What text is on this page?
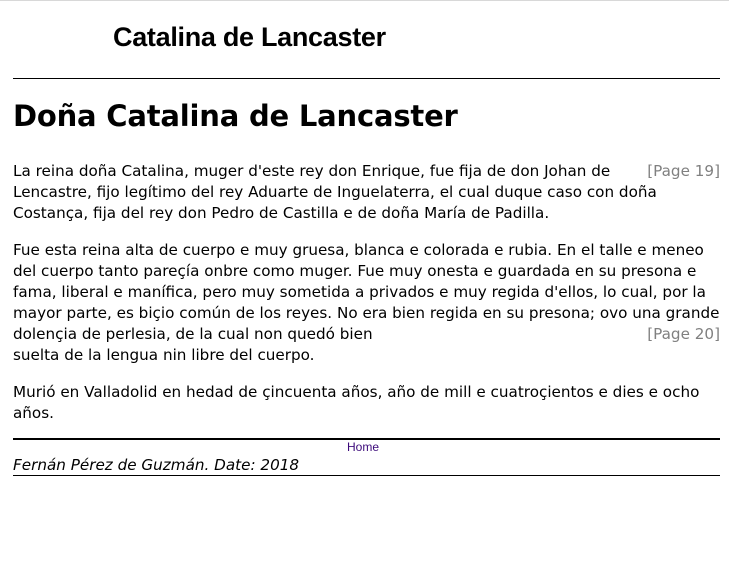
Catalina de Lancaster
Doña Catalina de Lancaster

[Page 19]
La reina doña Catalina, muger d'este rey don Enrique, fue fija de don Johan de Lencastre, fijo legítimo del rey Aduarte de Inguelaterra, el cual duque caso con doña Costança, fija del rey don Pedro de Castilla e de doña María de Padilla.

Fue esta reina alta de cuerpo e muy gruesa, blanca e colorada e rubia. En el talle e meneo del cuerpo tanto pareçía onbre como muger. Fue muy onesta e guardada en su presona e fama, liberal e manífica, pero muy sometida a privados e muy regida d'ellos, lo cual, por la mayor parte, es biçio común de los reyes. No era bien regida en su presona; ovo una grande dolençia de perlesia, de la cual non quedó bien	[Page 20]

suelta de la lengua nin libre del cuerpo.

Murió en Valladolid en hedad de çincuenta años, año de mill e cuatroçientos e dies e ocho años.

Home
Fernán Pérez de Guzmán. Date: 2018
